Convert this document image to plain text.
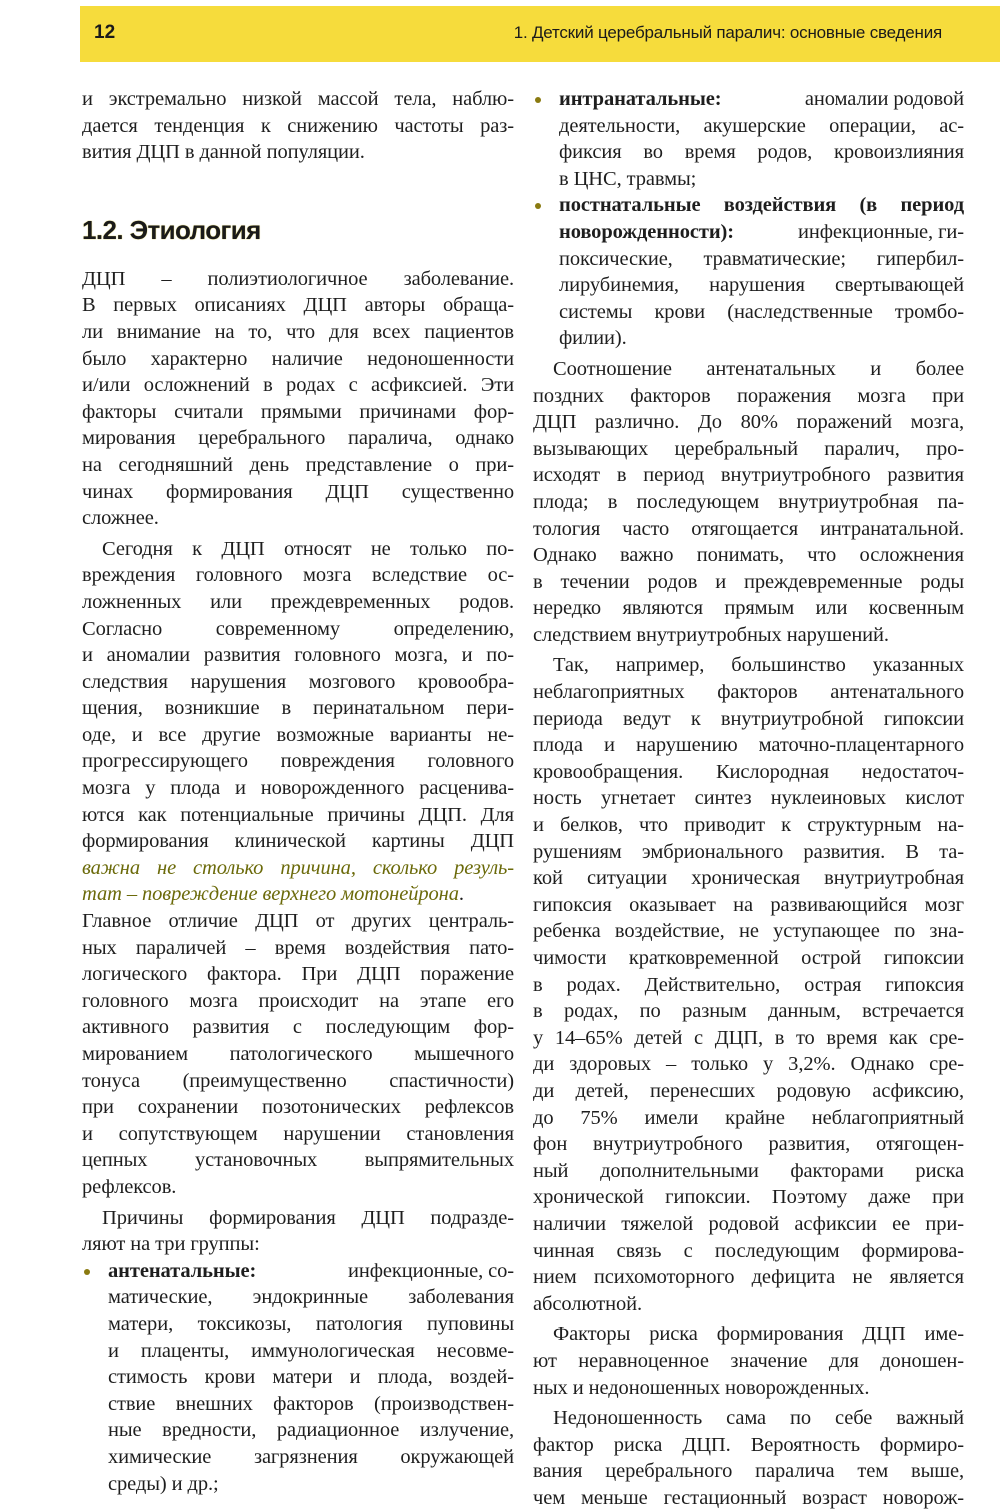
12	1. Детский церебральный паралич: основные сведения
и экстремально низкой массой тела, наблю-
дается тенденция к снижению частоты раз-
вития ДЦП в данной популяции.
1.2. Этиология
ДЦП – полиэтиологичное заболевание.
В первых описаниях ДЦП авторы обраща-
ли внимание на то, что для всех пациентов
было характерно наличие недоношенности
и/или осложнений в родах с асфиксией. Эти
факторы считали прямыми причинами фор-
мирования церебрального паралича, однако
на сегодняшний день представление о при-
чинах формирования ДЦП существенно
сложнее.
Сегодня к ДЦП относят не только по-
вреждения головного мозга вследствие ос-
ложненных или преждевременных родов.
Согласно современному определению,
и аномалии развития головного мозга, и по-
следствия нарушения мозгового кровообра-
щения, возникшие в перинатальном пери-
оде, и все другие возможные варианты не-
прогрессирующего повреждения головного
мозга у плода и новорожденного расценива-
ются как потенциальные причины ДЦП. Для
формирования клинической картины ДЦП
важна не столько причина, сколько резуль-
тат – повреждение верхнего мотонейрона.
Главное отличие ДЦП от других централь-
ных параличей – время воздействия пато-
логического фактора. При ДЦП поражение
головного мозга происходит на этапе его
активного развития с последующим фор-
мированием патологического мышечного
тонуса (преимущественно спастичности)
при сохранении позотонических рефлексов
и сопутствующем нарушении становления
цепных установочных выпрямительных
рефлексов.
Причины формирования ДЦП подразде-
ляют на три группы:
антенатальные:	инфекционные, со-
матические, эндокринные заболевания
матери, токсикозы, патология пуповины
и плаценты, иммунологическая несовме-
стимость крови матери и плода, воздей-
ствие внешних факторов (производствен-
ные вредности, радиационное излучение,
химические загрязнения окружающей
среды) и др.;
интранатальные:	аномалии родовой
деятельности, акушерские операции, ас-
фиксия во время родов, кровоизлияния
в ЦНС, травмы;
постнатальные воздействия (в период
новорожденности):	инфекционные, ги-
поксические, травматические; гипербил-
лирубинемия, нарушения свертывающей
системы крови (наследственные тромбо-
филии).
Соотношение антенатальных и более
поздних факторов поражения мозга при
ДЦП различно. До 80% поражений мозга,
вызывающих церебральный паралич, про-
исходят в период внутриутробного развития
плода; в последующем внутриутробная па-
тология часто отягощается интранатальной.
Однако важно понимать, что осложнения
в течении родов и преждевременные роды
нередко являются прямым или косвенным
следствием внутриутробных нарушений.
Так, например, большинство указанных
неблагоприятных факторов антенатального
периода ведут к внутриутробной гипоксии
плода и нарушению маточно-плацентарного
кровообращения. Кислородная недостаточ-
ность угнетает синтез нуклеиновых кислот
и белков, что приводит к структурным на-
рушениям эмбрионального развития. В та-
кой ситуации хроническая внутриутробная
гипоксия оказывает на развивающийся мозг
ребенка воздействие, не уступающее по зна-
чимости кратковременной острой гипоксии
в родах. Действительно, острая гипоксия
в родах, по разным данным, встречается
у 14–65% детей с ДЦП, в то время как сре-
ди здоровых – только у 3,2%. Однако сре-
ди детей, перенесших родовую асфиксию,
до 75% имели крайне неблагоприятный
фон внутриутробного развития, отягощен-
ный дополнительными факторами риска
хронической гипоксии. Поэтому даже при
наличии тяжелой родовой асфиксии ее при-
чинная связь с последующим формирова-
нием психомоторного дефицита не является
абсолютной.
Факторы риска формирования ДЦП име-
ют неравноценное значение для доношен-
ных и недоношенных новорожденных.
Недоношенность сама по себе важный
фактор риска ДЦП. Вероятность формиро-
вания церебрального паралича тем выше,
чем меньше гестационный возраст новорож-
